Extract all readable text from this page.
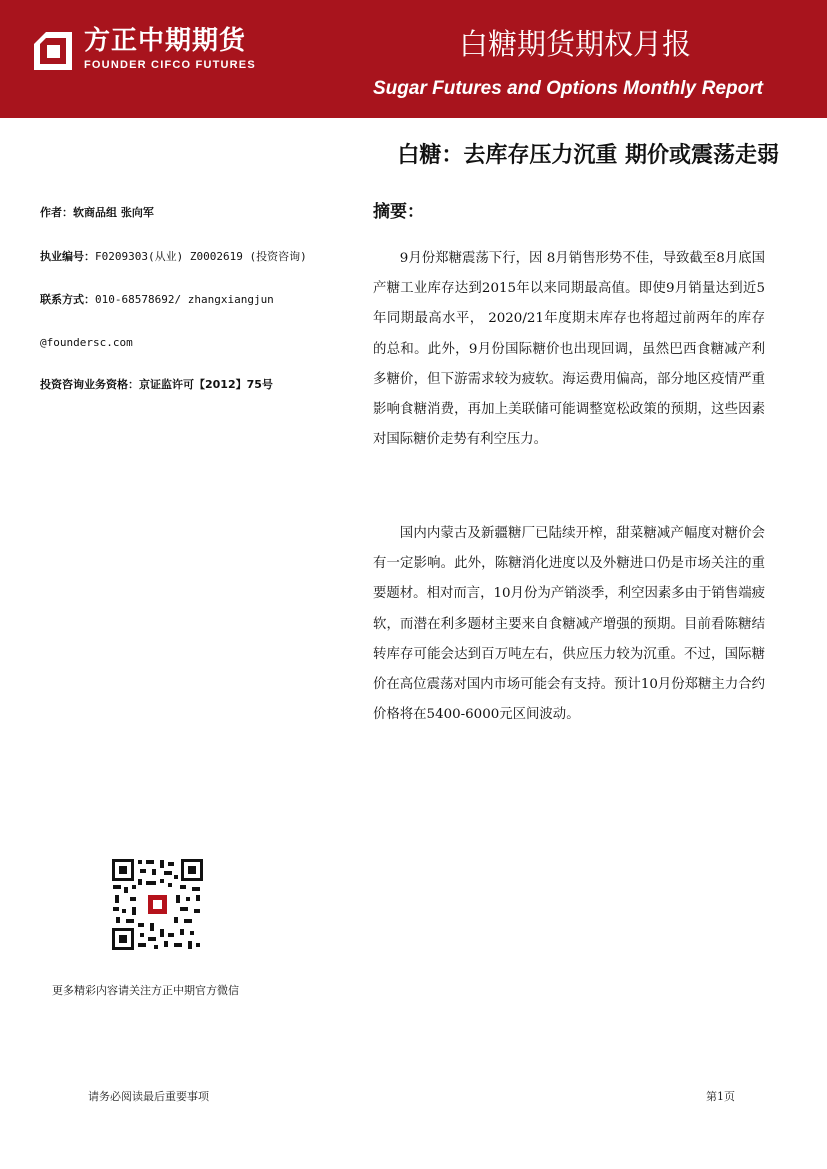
方正中期期货
FOUNDER CIFCO FUTURES
白糖期货期权月报
Sugar Futures and Options Monthly Report
白糖：去库存压力沉重 期价或震荡走弱
作者：软商品组 张向军
执业编号：F0209303(从业) Z0002619 (投资咨询)
联系方式：010-68578692/ zhangxiangjun
@foundersc.com
投资咨询业务资格：京证监许可【2012】75号
摘要：

9月份郑糖震荡下行，因 8月销售形势不佳，导致截至8月底国产糖工业库存达到2015年以来同期最高值。即使9月销量达到近5年同期最高水平， 2020/21年度期末库存也将超过前两年的库存的总和。此外，9月份国际糖价也出现回调，虽然巴西食糖减产利多糖价，但下游需求较为疲软。海运费用偏高，部分地区疫情严重影响食糖消费，再加上美联储可能调整宽松政策的预期，这些因素对国际糖价走势有利空压力。

国内内蒙古及新疆糖厂已陆续开榨，甜菜糖减产幅度对糖价会有一定影响。此外，陈糖消化进度以及外糖进口仍是市场关注的重要题材。相对而言，10月份为产销淡季，利空因素多由于销售端疲软，而潜在利多题材主要来自食糖减产增强的预期。目前看陈糖结转库存可能会达到百万吨左右，供应压力较为沉重。不过，国际糖价在高位震荡对国内市场可能会有支持。预计10月份郑糖主力合约价格将在5400-6000元区间波动。

更多精彩内容请关注方正中期官方微信
请务必阅读最后重要事项	第1页
